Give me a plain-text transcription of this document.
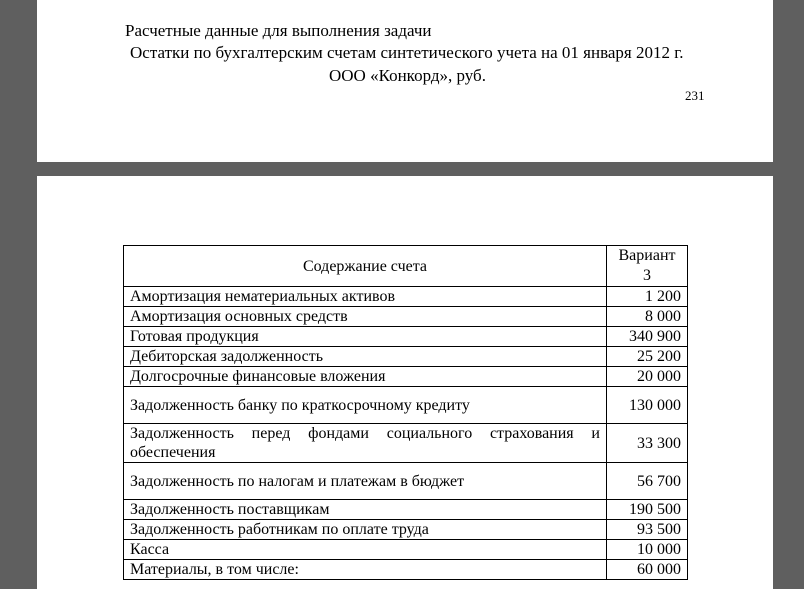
Расчетные данные для выполнения задачи
Остатки по бухгалтерским счетам синтетического учета на 01 января 2012 г.
ООО «Конкорд», руб.
231
Содержание счета	Вариант 3
Амортизация нематериальных активов	1 200
Амортизация основных средств	8 000
Готовая продукция	340 900
Дебиторская задолженность	25 200
Долгосрочные финансовые вложения	20 000
Задолженность банку по краткосрочному кредиту	130 000
Задолженность перед фондами социального страхования и обеспечения	33 300
Задолженность по налогам и платежам в бюджет	56 700
Задолженность поставщикам	190 500
Задолженность работникам по оплате труда	93 500
Касса	10 000
Материалы, в том числе:	60 000
